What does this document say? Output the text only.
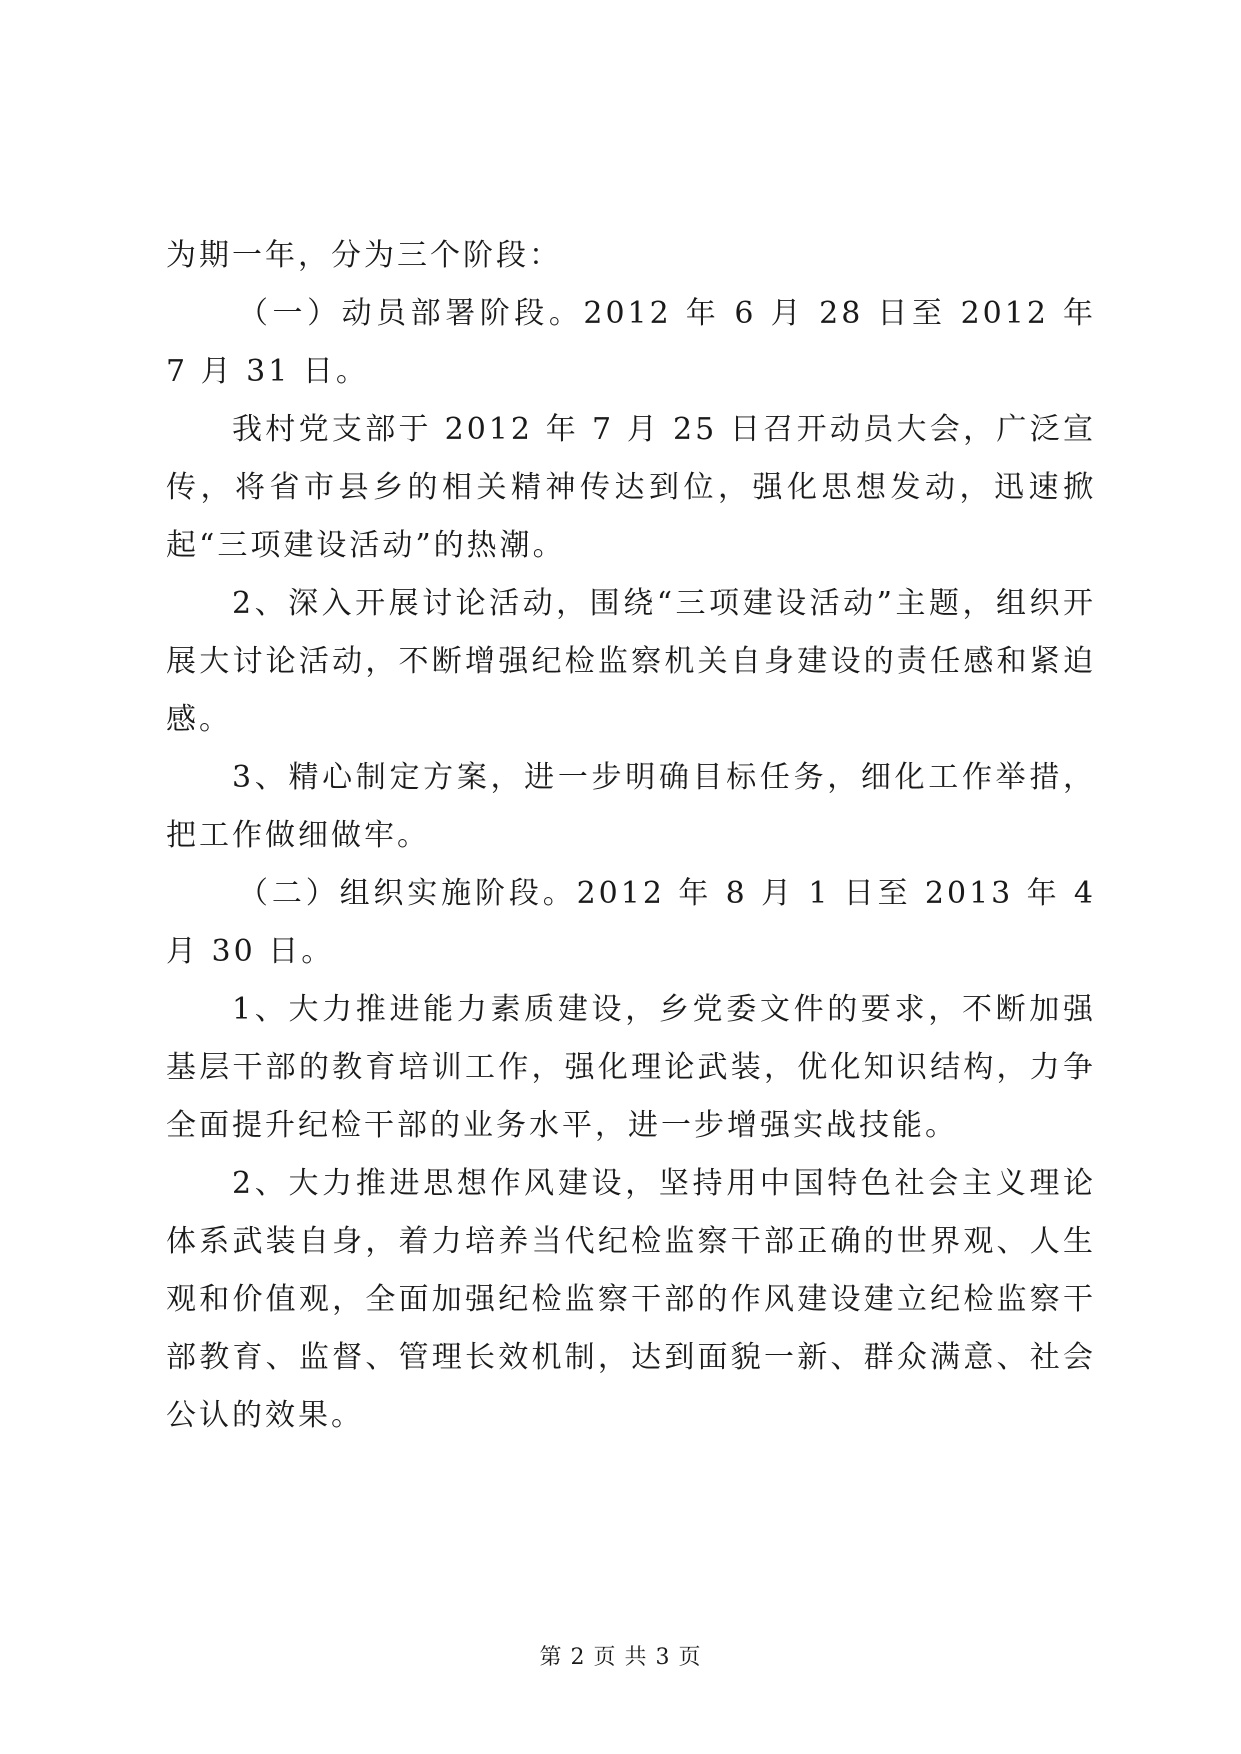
为期一年，分为三个阶段：

（一）动员部署阶段。2012 年 6 月 28 日至 2012 年 7 月 31 日。

我村党支部于 2012 年 7 月 25 日召开动员大会，广泛宣传，将省市县乡的相关精神传达到位，强化思想发动，迅速掀起“三项建设活动”的热潮。

2、深入开展讨论活动，围绕“三项建设活动”主题，组织开展大讨论活动，不断增强纪检监察机关自身建设的责任感和紧迫感。

3、精心制定方案，进一步明确目标任务，细化工作举措，把工作做细做牢。

（二）组织实施阶段。2012 年 8 月 1 日至 2013 年 4 月 30 日。

1、大力推进能力素质建设，乡党委文件的要求，不断加强基层干部的教育培训工作，强化理论武装，优化知识结构，力争全面提升纪检干部的业务水平，进一步增强实战技能。

2、大力推进思想作风建设，坚持用中国特色社会主义理论体系武装自身，着力培养当代纪检监察干部正确的世界观、人生观和价值观，全面加强纪检监察干部的作风建设建立纪检监察干部教育、监督、管理长效机制，达到面貌一新、群众满意、社会公认的效果。

第 2 页 共 3 页
